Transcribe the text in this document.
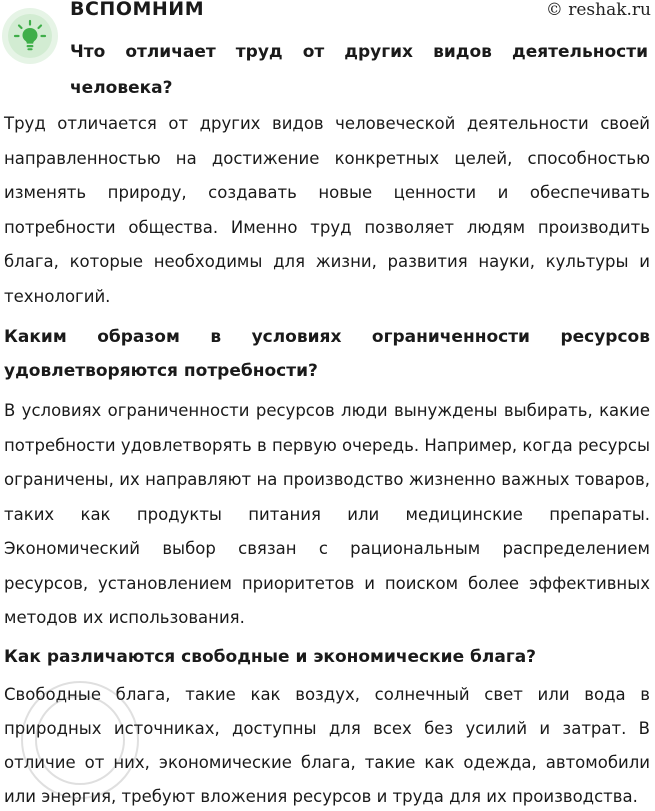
ВСПОМНИМ	© reshak.ru
Что отличает труд от других видов деятельности человека?
Труд отличается от других видов человеческой деятельности своей направленностью на достижение конкретных целей, способностью изменять природу, создавать новые ценности и обеспечивать потребности общества. Именно труд позволяет людям производить блага, которые необходимы для жизни, развития науки, культуры и технологий.
Каким образом в условиях ограниченности ресурсов удовлетворяются потребности?
В условиях ограниченности ресурсов люди вынуждены выбирать, какие потребности удовлетворять в первую очередь. Например, когда ресурсы ограничены, их направляют на производство жизненно важных товаров, таких как продукты питания или медицинские препараты. Экономический выбор связан с рациональным распределением ресурсов, установлением приоритетов и поиском более эффективных методов их использования.
Как различаются свободные и экономические блага?
Свободные блага, такие как воздух, солнечный свет или вода в природных источниках, доступны для всех без усилий и затрат. В отличие от них, экономические блага, такие как одежда, автомобили или энергия, требуют вложения ресурсов и труда для их производства.
